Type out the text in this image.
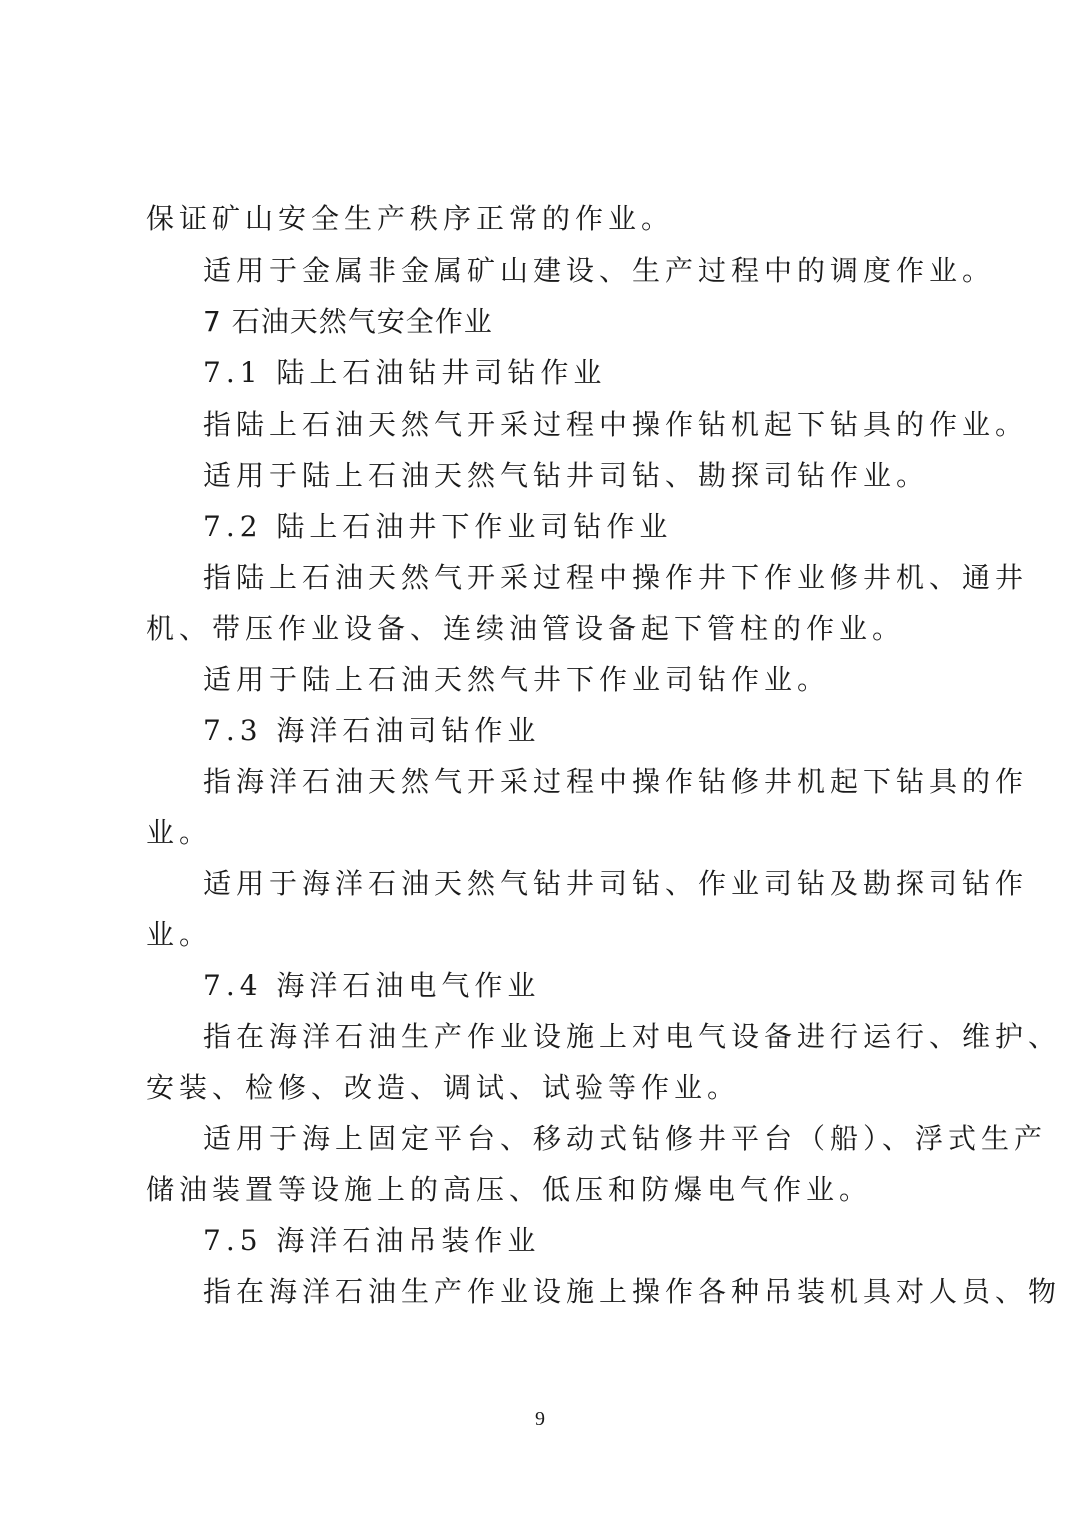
保证矿山安全生产秩序正常的作业。
适用于金属非金属矿山建设、生产过程中的调度作业。
7 石油天然气安全作业
7.1 陆上石油钻井司钻作业
指陆上石油天然气开采过程中操作钻机起下钻具的作业。
适用于陆上石油天然气钻井司钻、勘探司钻作业。
7.2 陆上石油井下作业司钻作业
指陆上石油天然气开采过程中操作井下作业修井机、通井
机、带压作业设备、连续油管设备起下管柱的作业。
适用于陆上石油天然气井下作业司钻作业。
7.3 海洋石油司钻作业
指海洋石油天然气开采过程中操作钻修井机起下钻具的作
业。
适用于海洋石油天然气钻井司钻、作业司钻及勘探司钻作
业。
7.4 海洋石油电气作业
指在海洋石油生产作业设施上对电气设备进行运行、维护、
安装、检修、改造、调试、试验等作业。
适用于海上固定平台、移动式钻修井平台（船）、浮式生产
储油装置等设施上的高压、低压和防爆电气作业。
7.5 海洋石油吊装作业
指在海洋石油生产作业设施上操作各种吊装机具对人员、物
9
